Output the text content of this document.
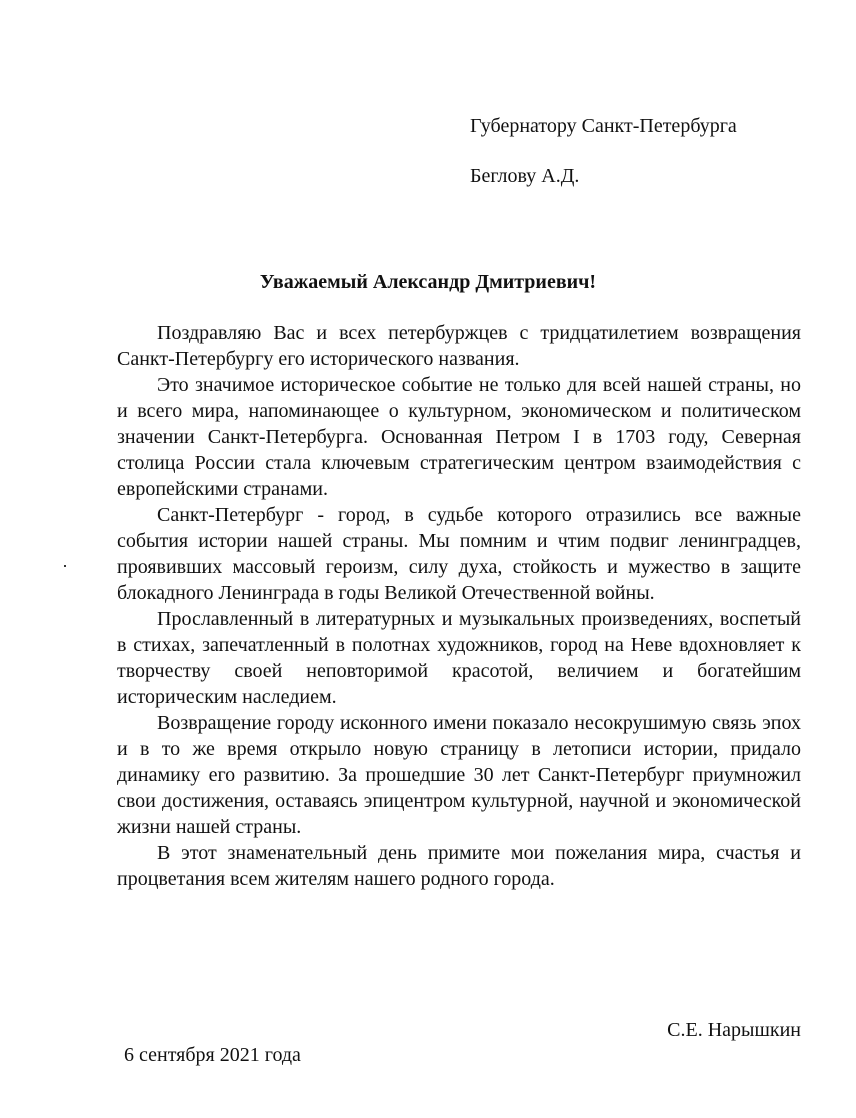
Губернатору Санкт-Петербурга
Беглову А.Д.
Уважаемый Александр Дмитриевич!

Поздравляю Вас и всех петербуржцев с тридцатилетием возвращения Санкт-Петербургу его исторического названия.

Это значимое историческое событие не только для всей нашей страны, но и всего мира, напоминающее о культурном, экономическом и политическом значении Санкт-Петербурга. Основанная Петром I в 1703 году, Северная столица России стала ключевым стратегическим центром взаимодействия с европейскими странами.

Санкт-Петербург - город, в судьбе которого отразились все важные события истории нашей страны. Мы помним и чтим подвиг ленинградцев, проявивших массовый героизм, силу духа, стойкость и мужество в защите блокадного Ленинграда в годы Великой Отечественной войны.

Прославленный в литературных и музыкальных произведениях, воспетый в стихах, запечатленный в полотнах художников, город на Неве вдохновляет к творчеству своей неповторимой красотой, величием и богатейшим историческим наследием.

Возвращение городу исконного имени показало несокрушимую связь эпох и в то же время открыло новую страницу в летописи истории, придало динамику его развитию. За прошедшие 30 лет Санкт-Петербург приумножил свои достижения, оставаясь эпицентром культурной, научной и экономической жизни нашей страны.

В этот знаменательный день примите мои пожелания мира, счастья и процветания всем жителям нашего родного города.

С.Е. Нарышкин
6 сентября 2021 года
